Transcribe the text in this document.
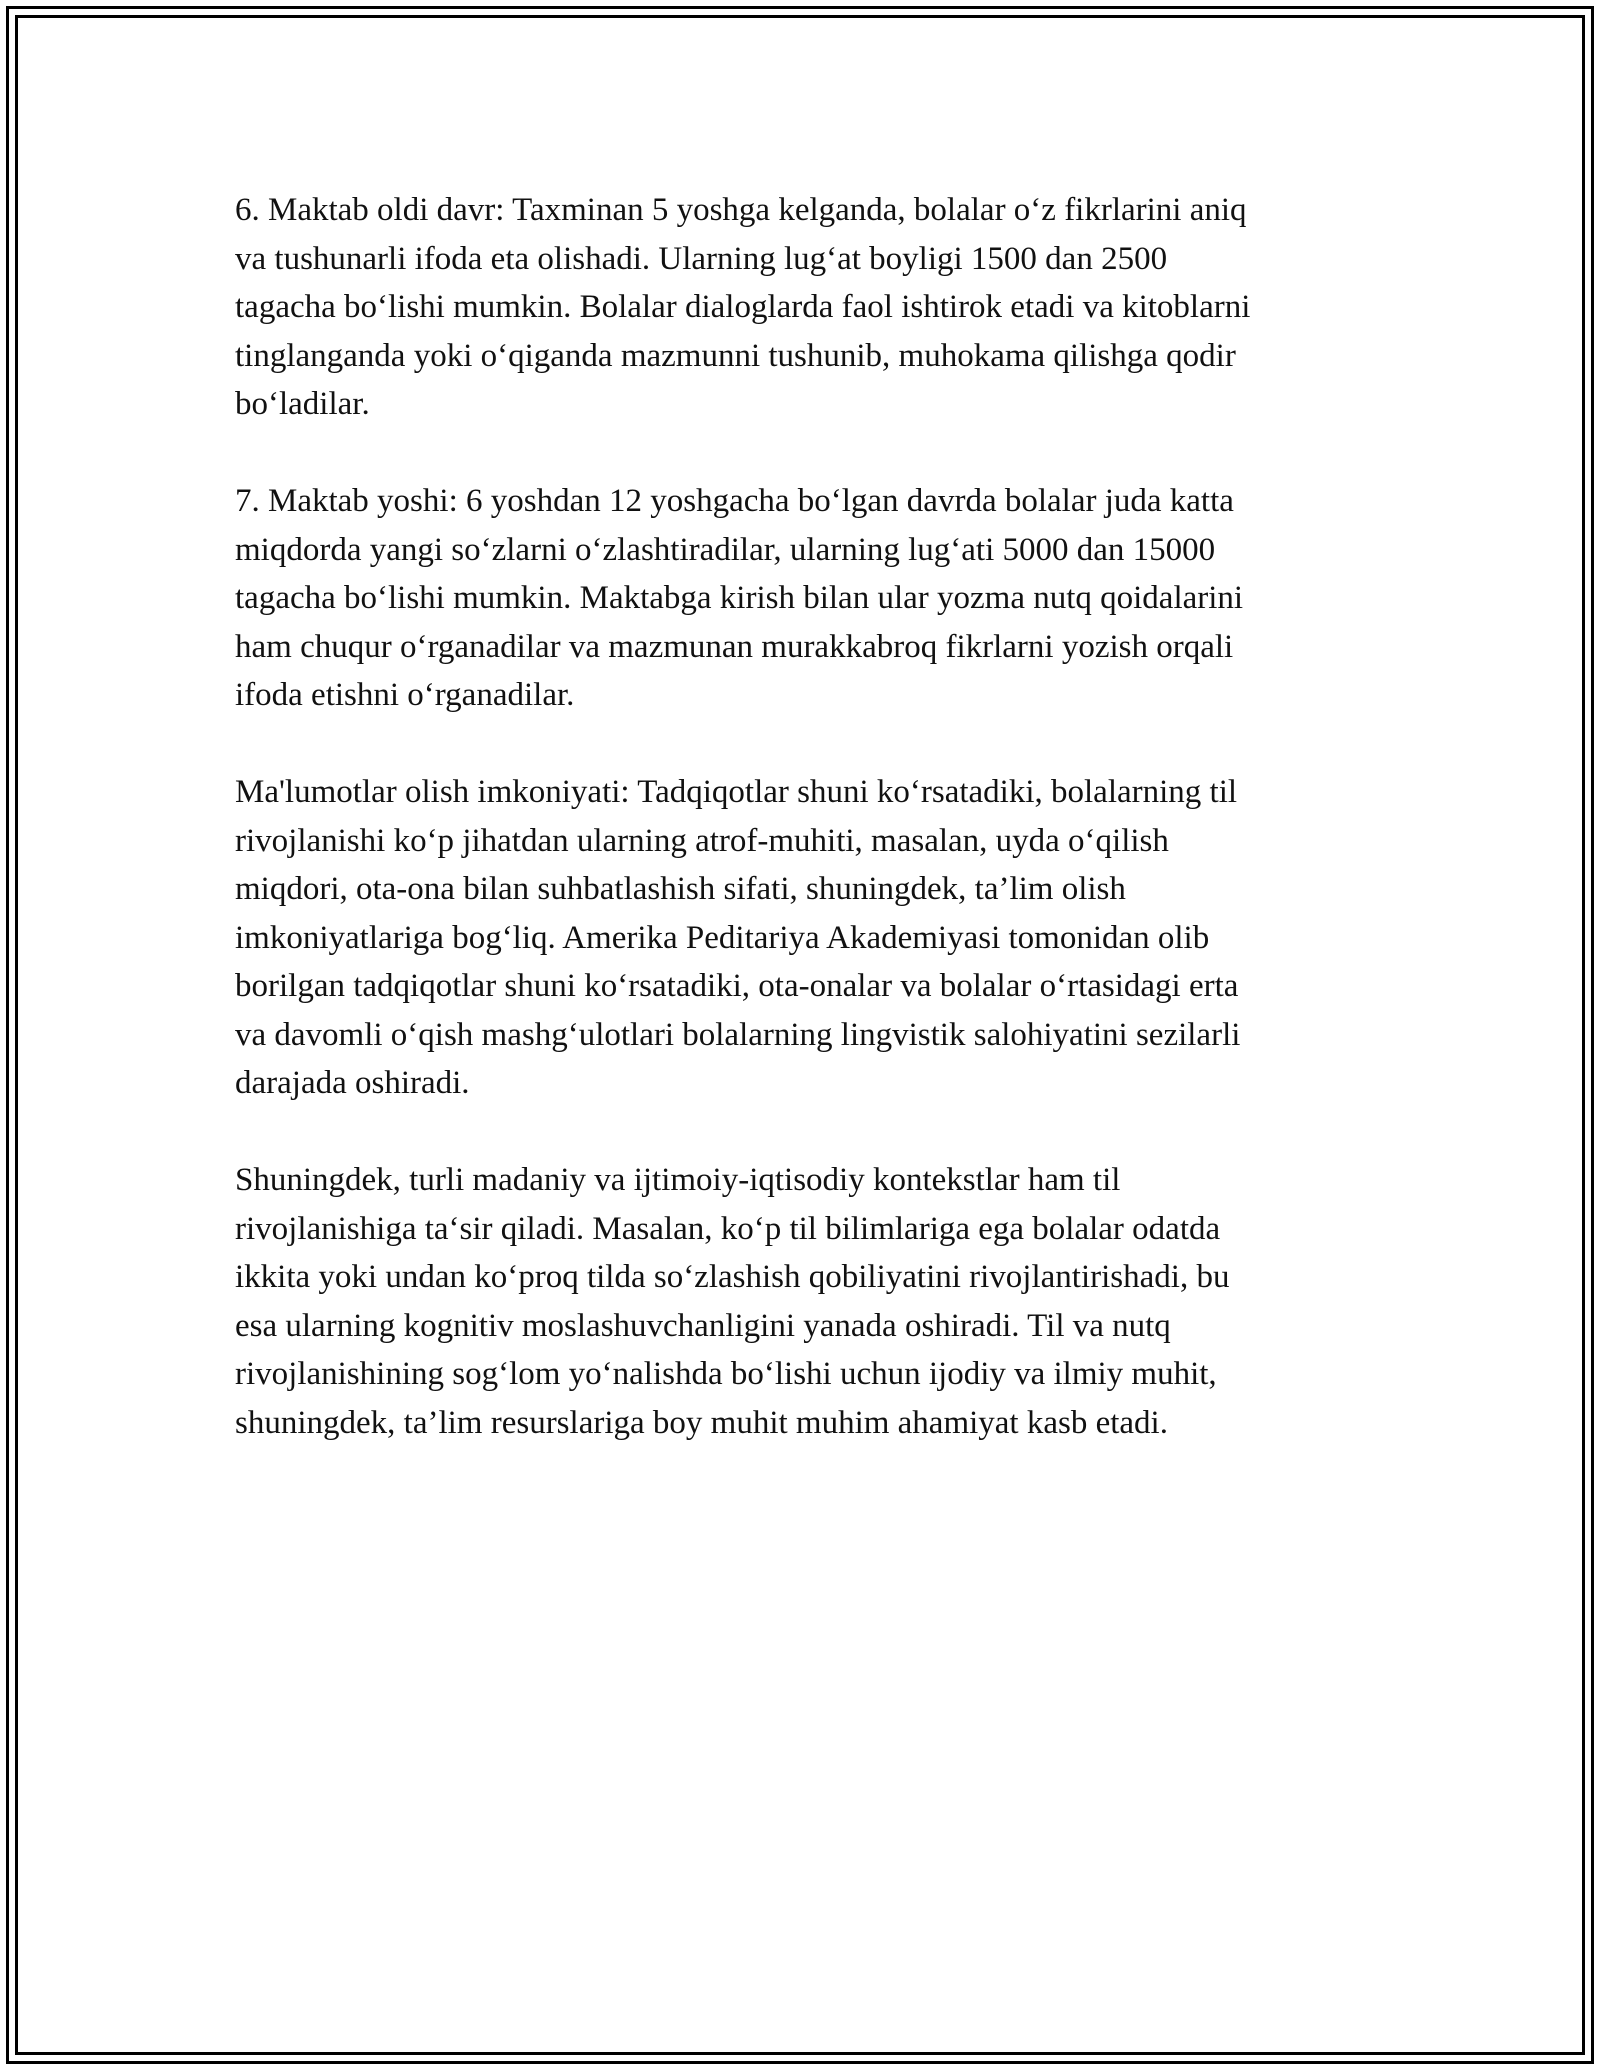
6. Maktab oldi davr: Taxminan 5 yoshga kelganda, bolalar o‘z fikrlarini aniq
va tushunarli ifoda eta olishadi. Ularning lug‘at boyligi 1500 dan 2500
tagacha bo‘lishi mumkin. Bolalar dialoglarda faol ishtirok etadi va kitoblarni
tinglanganda yoki o‘qiganda mazmunni tushunib, muhokama qilishga qodir
bo‘ladilar.

7. Maktab yoshi: 6 yoshdan 12 yoshgacha bo‘lgan davrda bolalar juda katta
miqdorda yangi so‘zlarni o‘zlashtiradilar, ularning lug‘ati 5000 dan 15000
tagacha bo‘lishi mumkin. Maktabga kirish bilan ular yozma nutq qoidalarini
ham chuqur o‘rganadilar va mazmunan murakkabroq fikrlarni yozish orqali
ifoda etishni o‘rganadilar.

Ma'lumotlar olish imkoniyati: Tadqiqotlar shuni ko‘rsatadiki, bolalarning til
rivojlanishi ko‘p jihatdan ularning atrof-muhiti, masalan, uyda o‘qilish
miqdori, ota-ona bilan suhbatlashish sifati, shuningdek, ta’lim olish
imkoniyatlariga bog‘liq. Amerika Peditariya Akademiyasi tomonidan olib
borilgan tadqiqotlar shuni ko‘rsatadiki, ota-onalar va bolalar o‘rtasidagi erta
va davomli o‘qish mashg‘ulotlari bolalarning lingvistik salohiyatini sezilarli
darajada oshiradi.

Shuningdek, turli madaniy va ijtimoiy-iqtisodiy kontekstlar ham til
rivojlanishiga ta‘sir qiladi. Masalan, ko‘p til bilimlariga ega bolalar odatda
ikkita yoki undan ko‘proq tilda so‘zlashish qobiliyatini rivojlantirishadi, bu
esa ularning kognitiv moslashuvchanligini yanada oshiradi. Til va nutq
rivojlanishining sog‘lom yo‘nalishda bo‘lishi uchun ijodiy va ilmiy muhit,
shuningdek, ta’lim resurslariga boy muhit muhim ahamiyat kasb etadi.
